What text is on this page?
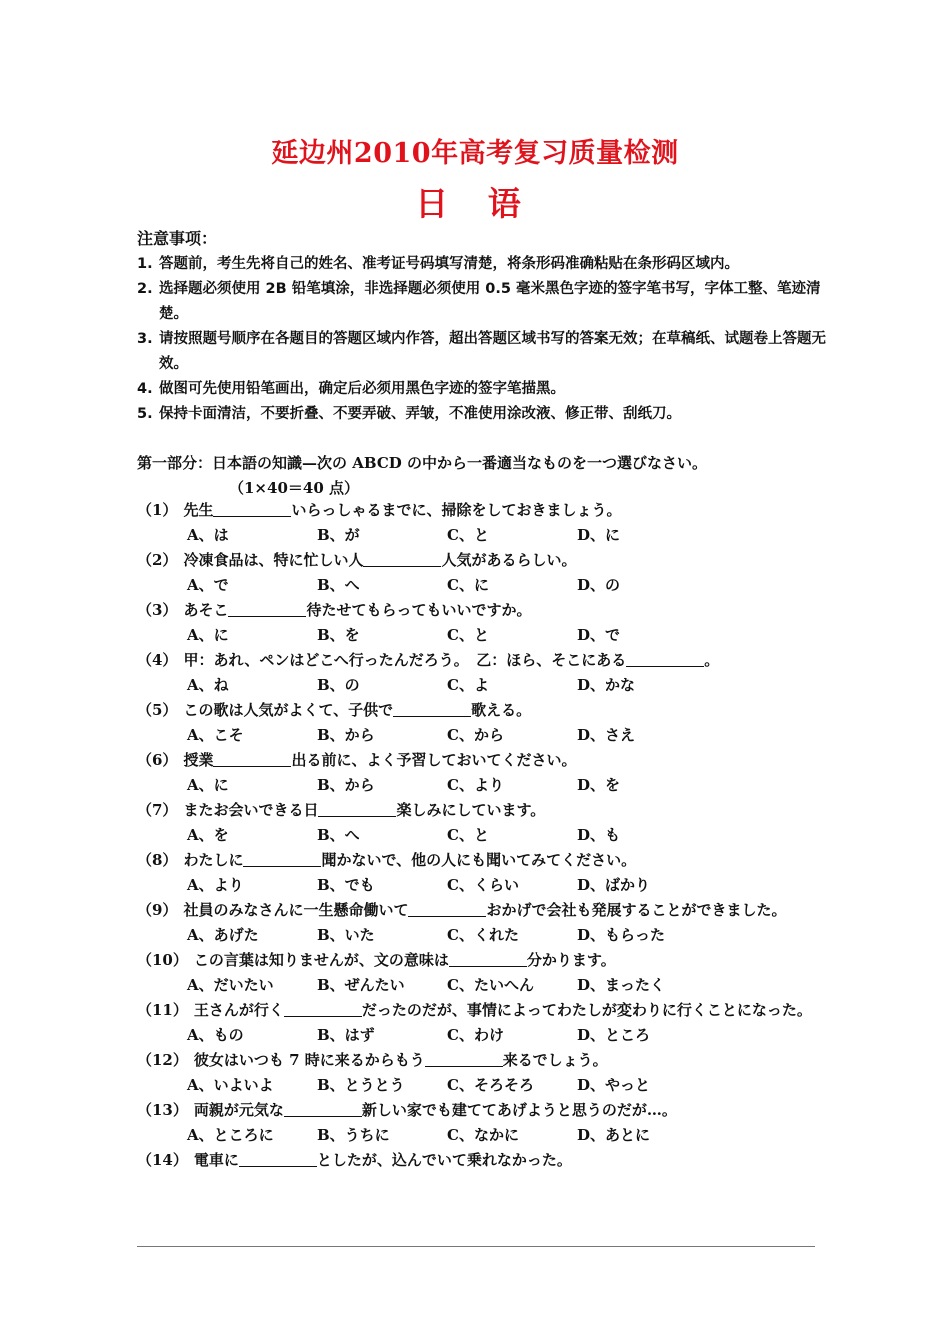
延边州2010年高考复习质量检测
日 语
注意事项：
1. 答题前，考生先将自己的姓名、准考证号码填写清楚，将条形码准确粘贴在条形码区域内。
2. 选择题必须使用 2B 铅笔填涂，非选择题必须使用 0.5 毫米黑色字迹的签字笔书写，字体工整、笔迹清楚。
3. 请按照题号顺序在各题目的答题区域内作答，超出答题区域书写的答案无效；在草稿纸、试题卷上答题无效。
4. 做图可先使用铅笔画出，确定后必须用黑色字迹的签字笔描黑。
5. 保持卡面清洁，不要折叠、不要弄破、弄皱，不准使用涂改液、修正带、刮纸刀。
第一部分：日本語の知識—次の ABCD の中から一番適当なものを一つ選びなさい。
（1×40＝40 点）
（1） 先生	いらっしゃるまでに、掃除をしておきましょう。
A、は	B、が	C、と	D、に
（2） 冷凍食品は、特に忙しい人	人気があるらしい。
A、で	B、へ	C、に	D、の
（3） あそこ	待たせてもらってもいいですか。
A、に	B、を	C、と	D、で
（4） 甲：あれ、ペンはどこへ行ったんだろう。　乙：ほら、そこにある	。
A、ね	B、の	C、よ	D、かな
（5） この歌は人気がよくて、子供で	歌える。
A、こそ	B、から	C、から	D、さえ
（6） 授業	出る前に、よく予習しておいてください。
A、に	B、から	C、より	D、を
（7） またお会いできる日	楽しみにしています。
A、を	B、へ	C、と	D、も
（8） わたしに	聞かないで、他の人にも聞いてみてください。
A、より	B、でも	C、くらい	D、ばかり
（9） 社員のみなさんに一生懸命働いて	おかげで会社も発展することができました。
A、あげた	B、いた	C、くれた	D、もらった
（10） この言葉は知りませんが、文の意味は	分かります。
A、だいたい	B、ぜんたい	C、たいへん	D、まったく
（11） 王さんが行く	だったのだが、事情によってわたしが変わりに行くことになった。
A、もの	B、はず	C、わけ	D、ところ
（12） 彼女はいつも 7 時に来るからもう	来るでしょう。
A、いよいよ	B、とうとう	C、そろそろ	D、やっと
（13） 両親が元気な	新しい家でも建ててあげようと思うのだが…。
A、ところに	B、うちに	C、なかに	D、あとに
（14） 電車に	としたが、込んでいて乗れなかった。
